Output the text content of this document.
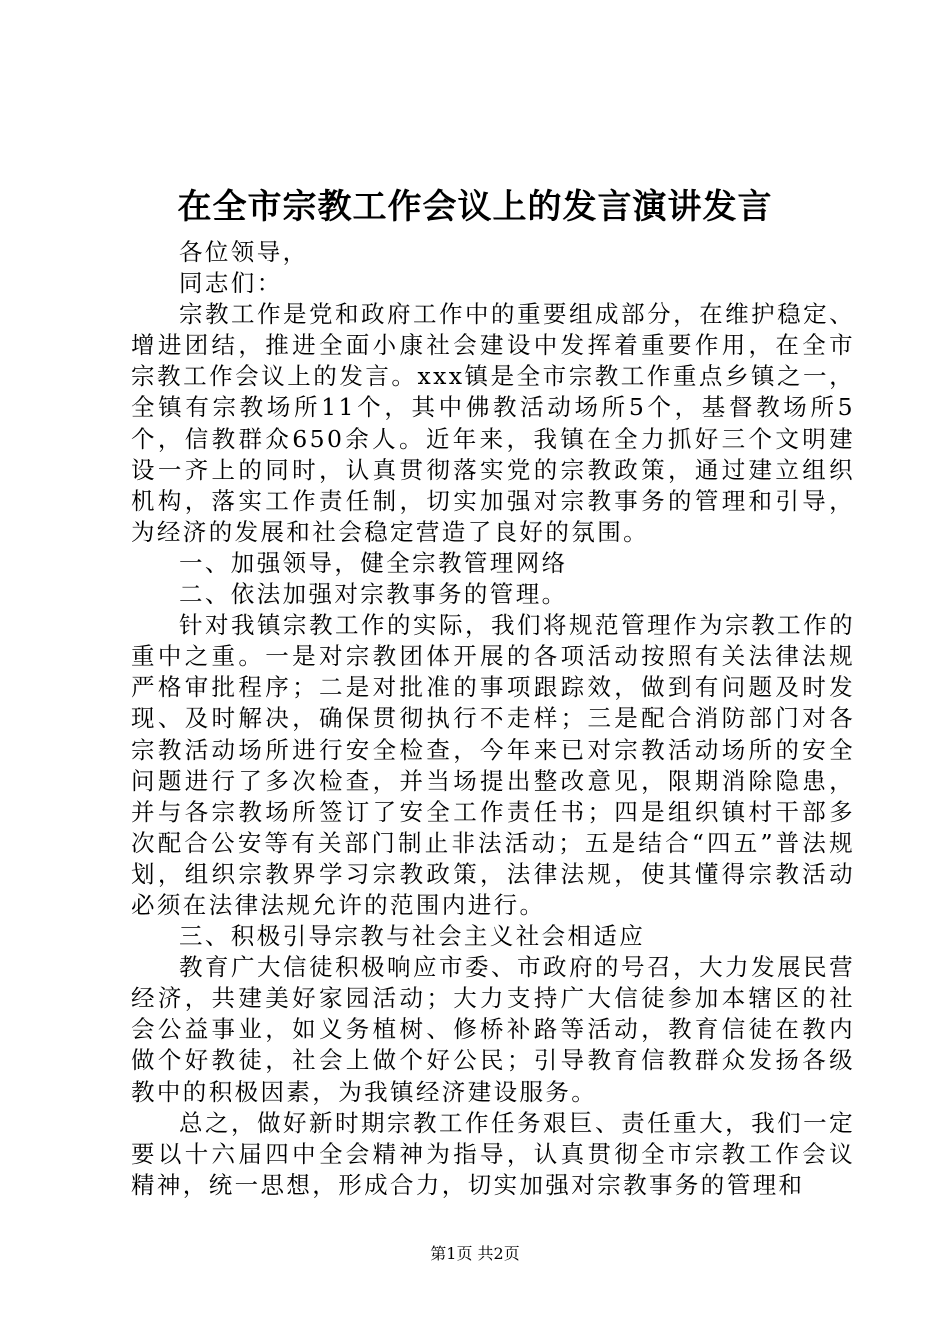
在全市宗教工作会议上的发言演讲发言

各位领导，

同志们：

宗教工作是党和政府工作中的重要组成部分，在维护稳定、增进团结，推进全面小康社会建设中发挥着重要作用，在全市宗教工作会议上的发言。xxx镇是全市宗教工作重点乡镇之一，全镇有宗教场所11个，其中佛教活动场所5个，基督教场所5个，信教群众650余人。近年来，我镇在全力抓好三个文明建设一齐上的同时，认真贯彻落实党的宗教政策，通过建立组织机构，落实工作责任制，切实加强对宗教事务的管理和引导，为经济的发展和社会稳定营造了良好的氛围。

一、加强领导，健全宗教管理网络

二、依法加强对宗教事务的管理。

针对我镇宗教工作的实际，我们将规范管理作为宗教工作的重中之重。一是对宗教团体开展的各项活动按照有关法律法规严格审批程序；二是对批准的事项跟踪效，做到有问题及时发现、及时解决，确保贯彻执行不走样；三是配合消防部门对各宗教活动场所进行安全检查，今年来已对宗教活动场所的安全问题进行了多次检查，并当场提出整改意见，限期消除隐患，并与各宗教场所签订了安全工作责任书；四是组织镇村干部多次配合公安等有关部门制止非法活动；五是结合“四五”普法规划，组织宗教界学习宗教政策，法律法规，使其懂得宗教活动必须在法律法规允许的范围内进行。

三、积极引导宗教与社会主义社会相适应

教育广大信徒积极响应市委、市政府的号召，大力发展民营经济，共建美好家园活动；大力支持广大信徒参加本辖区的社会公益事业，如义务植树、修桥补路等活动，教育信徒在教内做个好教徒，社会上做个好公民；引导教育信教群众发扬各级教中的积极因素，为我镇经济建设服务。

总之，做好新时期宗教工作任务艰巨、责任重大，我们一定要以十六届四中全会精神为指导，认真贯彻全市宗教工作会议精神，统一思想，形成合力，切实加强对宗教事务的管理和

第1页 共2页
